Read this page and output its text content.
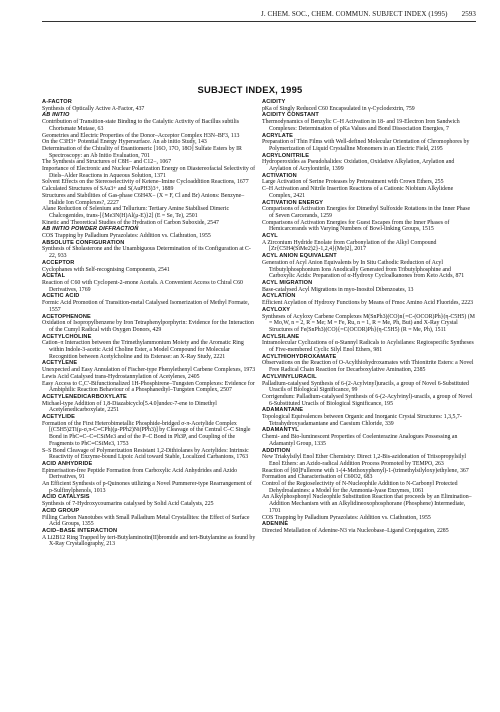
J. CHEM. SOC., CHEM. COMMUN. SUBJECT INDEX (1995) 2593
SUBJECT INDEX, 1995
A-FACTOR
Synthesis of Optically Active A-Factor, 437
AB INITIO
Contribution of Transition-state Binding to the Catalytic Activity of Bacillus subtilis Chorismate Mutase, 63
Geometries and Electric Properties of the Donor–Acceptor Complex H3N–BF3, 113
On the C3H3+ Potential Energy Hypersurface. An ab initio Study, 143
Determination of the Chirality of Enantiomeric [16O, 17O, 18O] Sulfate Esters by IR Spectroscopy: an Ab Initio Evaluation, 701
The Synthesis and Structures of C8H− and C12−, 1067
Importance of Electronic and Nuclear Polarization Energy on Diastereofacial Selectivity of Diels–Alder Reactions in Aqueous Solution, 1371
Solvent Effects on the Stereoselectivity of Ketene–Imine Cycloaddition Reactions, 1677
Calculated Structures of SAu3+ and S(AuPH3)3+, 1889
Structures and Stabilities of Gas-phase C6H4X− (X = F, Cl and Br) Anions: Benzyne–Halide Ion Complexes?, 2227
Alane Reduction of Selenium and Tellurium: Tertiary Amine Stabilised Dimeric Chalcogenides, trans-[{Me3N(H)Al(μ-E)}2] (E = Se, Te), 2501
Kinetic and Theoretical Studies of the Hydration of Carbon Suboxide, 2547
AB INITIO POWDER DIFFRACTION
COS Trapping by Palladium Pyrazolates: Addition vs. Clathration, 1955
ABSOLUTE CONFIGURATION
Synthesis of Sholasterone and the Unambiguous Determination of its Configuration at C-22, 933
ACCEPTOR
Cyclophanes with Self-recognising Components, 2541
ACETAL
Reaction of C60 with Cyclopent-2-enone Acetals. A Convenient Access to Chiral C60 Derivatives, 1769
ACETIC ACID
Formic Acid Promotion of Transition-metal Catalysed Isomerization of Methyl Formate, 1557
ACETOPHENONE
Oxidation of Isopropylbenzene by Iron Tetraphenylporphyrin: Evidence for the Interaction of the Cumyl Radical with Oxygen Donors, 429
ACETYLCHOLINE
Cation–π Interaction between the Trimethylammonium Moiety and the Aromatic Ring within Indole-3-acetic Acid Choline Ester, a Model Compound for Molecular Recognition between Acetylcholine and its Esterase: an X-Ray Study, 2221
ACETYLENE
Unexpected and Easy Annulation of Fischer-type Phenylethenyl Carbene Complexes, 1973
Lewis Acid Catalysed trans-Hydrostannylation of Acetylenes, 2405
Easy Access to C,C′-Bifunctionalized 1H-Phosphirene–Tungsten Complexes: Evidence for Ambiphilic Reaction Behaviour of a Phosphanediyl–Tungsten Complex, 2507
ACETYLENEDICARBOXYLATE
Michael-type Addition of 1,8-Diazabicyclo[5.4.0]undec-7-ene to Dimethyl Acetylenedicarboxylate, 2251
ACETYLIDE
Formation of the First Heterobimetallic Phosphide-bridged σ-π-Acetylide Complex [(C5H5)2Ti(μ-σ,π-C≡CPh)(μ-PPh2)Ni(PPh3)] by Cleavage of the Central C–C Single Bond in PhC≡C–C≡CSiMe3 and of the P–C Bond in Ph3P, and Coupling of the Fragments to PhC≡CSiMe3, 1753
S–S Bond Cleavage of Polymerization Resistant 1,2-Dithiolanes by Acetylides: Intrinsic Reactivity of Enzyme-bound Lipoic Acid toward Stable, Localized Carbanions, 1763
ACID ANHYDRIDE
Epimerisation-free Peptide Formation from Carboxylic Acid Anhydrides and Azido Derivatives, 91
An Efficient Synthesis of p-Quinones utilizing a Novel Pummerer-type Rearrangement of p-Sulfinylphenols, 1013
ACID CATALYSIS
Synthesis of 7-Hydroxycoumarins catalysed by Solid Acid Catalysts, 225
ACID GROUP
Filling Carbon Nanotubes with Small Palladium Metal Crystallites: the Effect of Surface Acid Groups, 1355
ACID–BASE INTERACTION
A Li2B12 Ring Trapped by tert-Butylaminotin(II)bromide and tert-Butylamine as found by X-Ray Crystallography, 213
ACIDITY
pKa of Singly Reduced C60 Encapsulated in γ-Cyclodextrin, 759
ACIDITY CONSTANT
Thermodynamics of Benzylic C–H Activation in 18- and 19-Electron Iron Sandwich Complexes: Determination of pKa Values and Bond Dissociation Energies, 7
ACRYLATE
Preparation of Thin Films with Well-defined Molecular Orientation of Chromophores by Polymerization of Liquid Crystalline Monomers in an Electric Field, 2195
ACRYLONITRILE
Hydroperoxides as Pseudohalides: Oxidation, Oxidative Alkylation, Arylation and Arylation of Acrylonitrile, 1399
ACTIVATION
Large Activation of Serine Proteases by Pretreatment with Crown Ethers, 255
C–H Activation and Nitrile Insertion Reactions of a Cationic Niobium Alkylidene Complex, 2421
ACTIVATION ENERGY
Comparisons of Activation Energies for Dimethyl Sulfoxide Rotations in the Inner Phase of Seven Carcerands, 1259
Comparisons of Activation Energies for Guest Escapes from the Inner Phases of Hemicarcerands with Varying Numbers of Bowl-linking Groups, 1515
ACYL
A Zirconium Hydride Enolate from Carbonylation of the Alkyl Compound [Zr{C5H4(SiMe2)2}-1,2,4}(Me)2], 2017
ACYL ANION EQUIVALENT
Generation of Acyl Anion Equivalents by In Situ Cathodic Reduction of Acyl Tributylphosphonium Ions Anodically Generated from Tributylphosphine and Carboxylic Acids: Preparation of α-Hydroxy Cycloalkanones from Keto Acids, 871
ACYL MIGRATION
Base-catalysed Acyl Migrations in myo-Inositol Dibenzoates, 13
ACYLATION
Efficient Acylation of Hydroxy Functions by Means of Fmoc Amino Acid Fluorides, 2223
ACYLOXY
Syntheses of Acyloxy Carbene Complexes M(SnPh3)(CO)n{=C-(OCOR)Ph}(η-C5H5) (M = Mo,W, n = 2, R = Me; M = Fe, Ru, n = 1, R = Me, Ph, But) and X-Ray Crystal Structures of Fe(SnPh3)(CO){=C(OCOR)Ph}(η-C5H5) (R = Me, Ph), 1511
ACYLSILANE
Intramolecular Cyclizations of α-Stannyl Radicals to Acylsilanes: Regiospecific Syntheses of Five-membered Cyclic Silyl Enol Ethers, 981
ACYLTHIOHYDROXAMATE
Observations on the Reaction of O-Acylthiohydroxamates with Thionitrite Esters: a Novel Free Radical Chain Reaction for Decarboxylative Amination, 2385
ACYLVINYLURACIL
Palladium-catalysed Synthesis of 6-(2-Acylvinyl)uracils, a group of Novel 6-Substituted Uracils of Biological Significance, 99
Corrigendum: Palladium-catalysed Synthesis of 6-(2-Acylvinyl)-uracils, a group of Novel 6-Substituted Uracils of Biological Significance, 195
ADAMANTANE
Topological Equivalences between Organic and Inorganic Crystal Structures: 1,3,5,7-Tetrahydroxyadamantane and Caesium Chloride, 339
ADAMANTYL
Chemi- and Bio-luminescent Properties of Coelenterazine Analogues Possessing an Adamantyl Group, 1335
ADDITION
New Triakylsilyl Enol Ether Chemistry: Direct 1,2-Bis-azidonation of Triisopropylsilyl Enol Ethers: an Azido-radical Addition Process Promoted by TEMPO, 263
Reaction of [60]Fullerene with 1-(4-Methoxyphenyl)-1-(trimethylsilyloxy)ethylene, 367
Formation and Characterisation of C60O2, 683
Control of the Regioselectivity of N-Nucleophile Addition to N-Carbonyl Protected Dehydroalanines: a Model for the Ammonia-lyase Enzymes, 1061
An Alkylphosphonyl Nucleophile Substitution Reaction that proceeds by an Elimination–Addition Mechanism with an Alkylidineoxophosphorane (Phosphene) Intermediate, 1701
COS Trapping by Palladium Pyrazolates: Addition vs. Clathration, 1955
ADENINE
Directed Metallation of Adenine-N3 via Nucleobase–Ligand Conjugation, 2285
